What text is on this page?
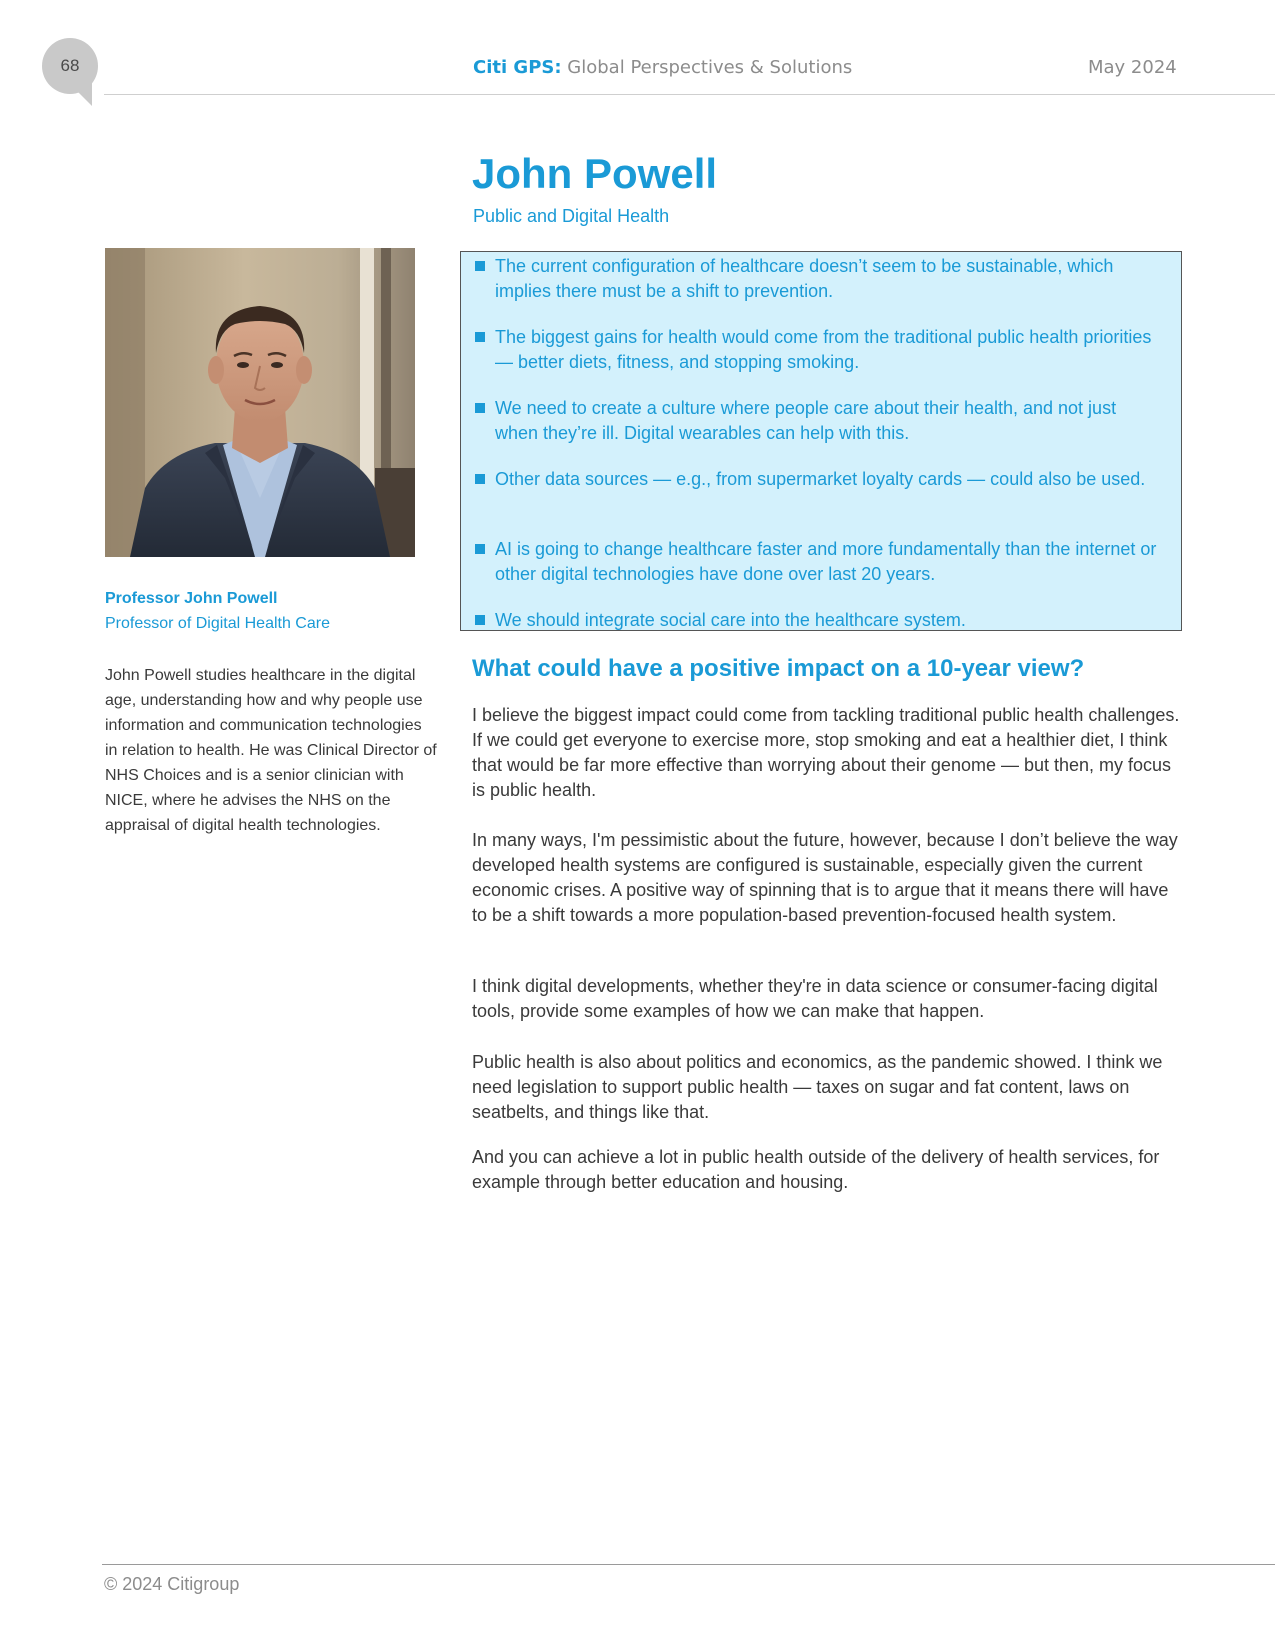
68	Citi GPS: Global Perspectives & Solutions	May 2024
John Powell
Public and Digital Health
Professor John Powell
Professor of Digital Health Care
John Powell studies healthcare in the digital age, understanding how and why people use information and communication technologies in relation to health. He was Clinical Director of NHS Choices and is a senior clinician with NICE, where he advises the NHS on the appraisal of digital health technologies.
The current configuration of healthcare doesn’t seem to be sustainable, which implies there must be a shift to prevention.
The biggest gains for health would come from the traditional public health priorities — better diets, fitness, and stopping smoking.
We need to create a culture where people care about their health, and not just when they’re ill. Digital wearables can help with this.
Other data sources — e.g., from supermarket loyalty cards — could also be used.
AI is going to change healthcare faster and more fundamentally than the internet or other digital technologies have done over last 20 years.
We should integrate social care into the healthcare system.
What could have a positive impact on a 10-year view?
I believe the biggest impact could come from tackling traditional public health challenges. If we could get everyone to exercise more, stop smoking and eat a healthier diet, I think that would be far more effective than worrying about their genome — but then, my focus is public health.
In many ways, I'm pessimistic about the future, however, because I don’t believe the way developed health systems are configured is sustainable, especially given the current economic crises. A positive way of spinning that is to argue that it means there will have to be a shift towards a more population-based prevention-focused health system.
I think digital developments, whether they're in data science or consumer-facing digital tools, provide some examples of how we can make that happen.
Public health is also about politics and economics, as the pandemic showed. I think we need legislation to support public health — taxes on sugar and fat content, laws on seatbelts, and things like that.
And you can achieve a lot in public health outside of the delivery of health services, for example through better education and housing.
© 2024 Citigroup
